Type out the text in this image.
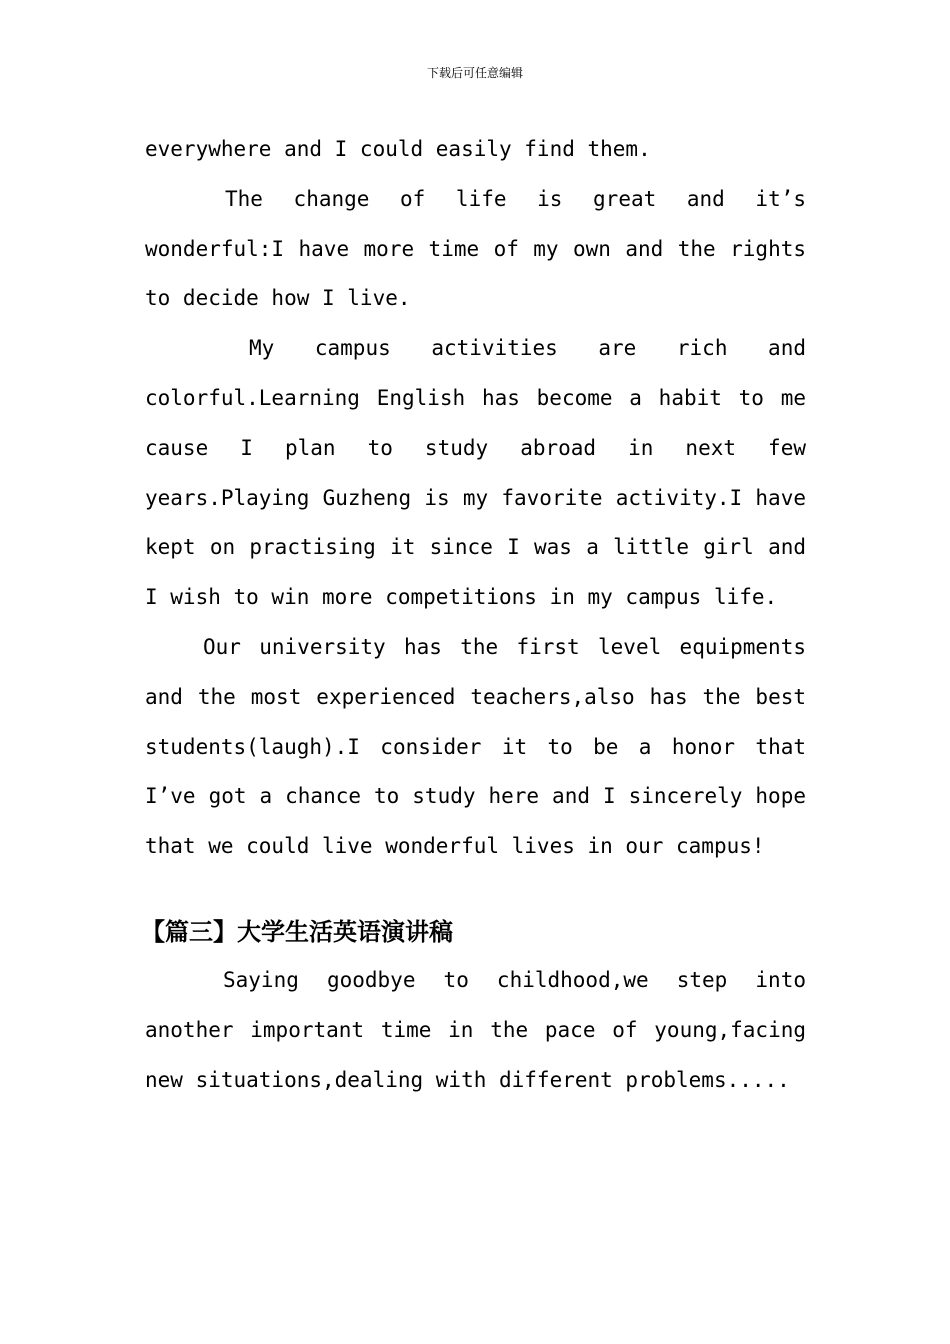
下载后可任意编辑

everywhere and I could easily find them.

The change of life is great and it’s wonderful:I have more time of my own and the rights to decide how I live.

My campus activities are rich and colorful.Learning English has become a habit to me cause I plan to study abroad in next few years.Playing Guzheng is my favorite activity.I have kept on practising it since I was a little girl and I wish to win more competitions in my campus life.

Our university has the first level equipments and the most experienced teachers,also has the best students(laugh).I consider it to be a honor that I’ve got a chance to study here and I sincerely hope that we could live wonderful lives in our campus!

【篇三】大学生活英语演讲稿

Saying goodbye to childhood,we step into another important time in the pace of young,facing new situations,dealing with different problems.....
